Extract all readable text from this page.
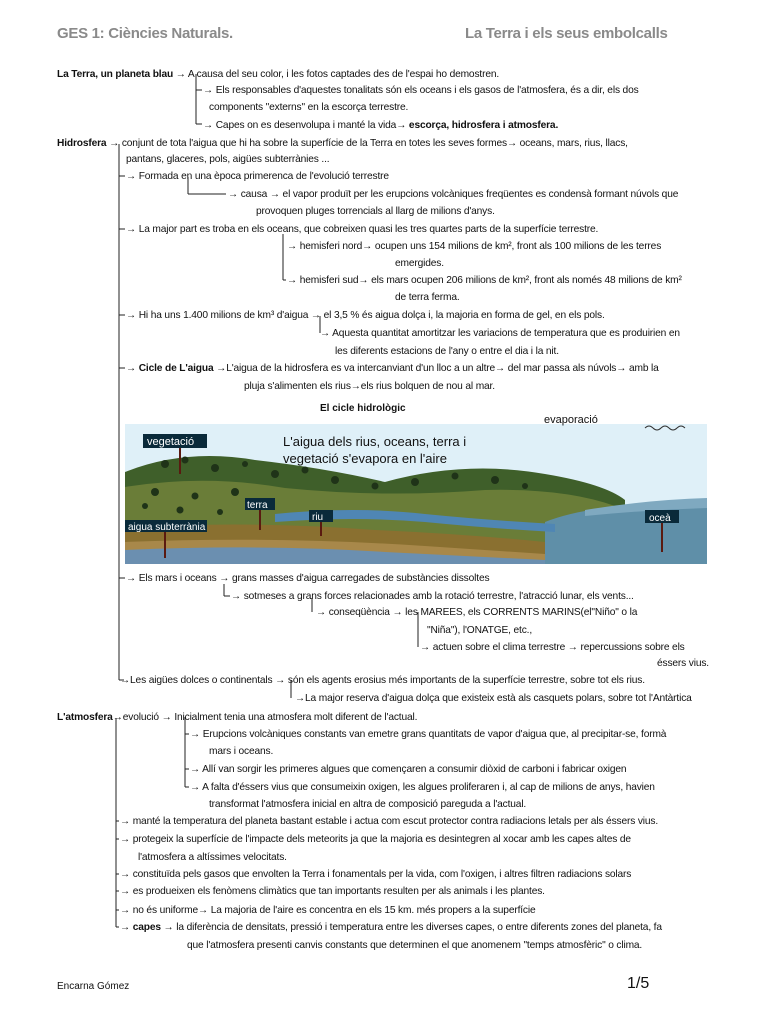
GES 1: Ciències Naturals.	La Terra i els seus embolcalls
La Terra, un planeta blau → A causa del seu color, i les fotos captades des de l'espai ho demostren.
→ Els responsables d'aquestes tonalitats són els oceans i els gasos de l'atmosfera, és a dir, els dos
components "externs" en la escorça terrestre.
→ Capes on es desenvolupa i manté la vida→ escorça, hidrosfera i atmosfera.
Hidrosfera → conjunt de tota l'aigua que hi ha sobre la superfície de la Terra en totes les seves formes→ oceans, mars, rius, llacs,
pantans, glaceres, pols, aigües subterrànies ...
→ Formada en una època primerenca de l'evolució terrestre
→ causa → el vapor produït per les erupcions volcàniques freqüentes es condensà formant núvols que
provoquen pluges torrencials al llarg de milions d'anys.
→ La major part es troba en els oceans, que cobreixen quasi les tres quartes parts de la superfície terrestre.
→ hemisferi nord→ ocupen uns 154 milions de km², front als 100 milions de les terres
emergides.
→ hemisferi sud→ els mars ocupen 206 milions de km², front als només 48 milions de km²
de terra ferma.
→ Hi ha uns 1.400 milions de km³ d'aigua → el 3,5 % és aigua dolça i, la majoria en forma de gel, en els pols.
→ Aquesta quantitat amortitzar les variacions de temperatura que es produirien en
les diferents estacions de l'any o entre el dia i la nit.
→ Cicle de L'aigua →L'aigua de la hidrosfera es va intercanviant d'un lloc a un altre→ del mar passa als núvols→ amb la
pluja s'alimenten els rius→els rius bolquen de nou al mar.
El cicle hidrològic
evaporació
L'aigua dels rius, oceans, terra i
vegetació s'evapora en l'aire
vegetació
terra
riu
aigua subterrània
oceà
→ Els mars i oceans → grans masses d'aigua carregades de substàncies dissoltes
→ sotmeses a grans forces relacionades amb la rotació terrestre, l'atracció lunar, els vents...
→ conseqüència → les MAREES, els CORRENTS MARINS(el"Niño" o la
"Niña"), l'ONATGE, etc.,
→ actuen sobre el clima terrestre → repercussions sobre els
éssers vius.
→Les aigües dolces o continentals → són els agents erosius més importants de la superfície terrestre, sobre tot els rius.
→La major reserva d'aigua dolça que existeix està als casquets polars, sobre tot l'Antàrtica
L'atmosfera→evolució → Inicialment tenia una atmosfera molt diferent de l'actual.
→ Erupcions volcàniques constants van emetre grans quantitats de vapor d'aigua que, al precipitar-se, formà
mars i oceans.
→ Allí van sorgir les primeres algues que començaren a consumir diòxid de carboni i fabricar oxigen
→ A falta d'éssers vius que consumeixin oxigen, les algues proliferaren i, al cap de milions de anys, havien
transformat l'atmosfera inicial en altra de composició pareguda a l'actual.
→ manté la temperatura del planeta bastant estable i actua com escut protector contra radiacions letals per als éssers vius.
→ protegeix la superfície de l'impacte dels meteorits ja que la majoria es desintegren al xocar amb les capes altes de
l'atmosfera a altíssimes velocitats.
→ constituïda pels gasos que envolten la Terra i fonamentals per la vida, com l'oxigen, i altres filtren radiacions solars
→ es produeixen els fenòmens climàtics que tan importants resulten per als animals i les plantes.
→ no és uniforme→ La majoria de l'aire es concentra en els 15 km. més propers a la superfície
→ capes → la diferència de densitats, pressió i temperatura entre les diverses capes, o entre diferents zones del planeta, fa
que l'atmosfera presenti canvis constants que determinen el que anomenem "temps atmosfèric" o clima.
Encarna Gómez	1/5
